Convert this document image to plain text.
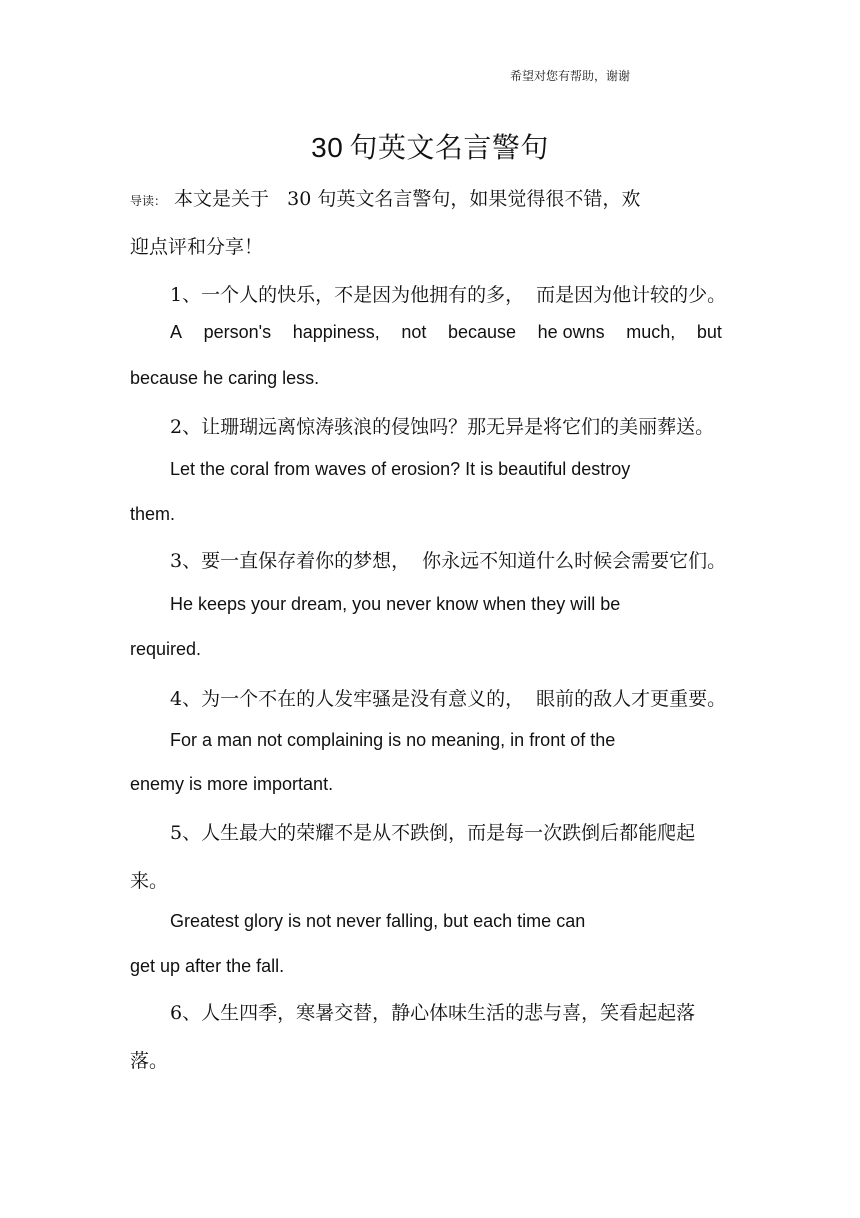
希望对您有帮助，谢谢
30 句英文名言警句
导读： 本文是关于   30 句英文名言警句，如果觉得很不错，欢
迎点评和分享！
1、一个人的快乐，不是因为他拥有的多，  而是因为他计较的少。
A person's happiness, not because he owns much, but
because he caring less.
2、让珊瑚远离惊涛骇浪的侵蚀吗？那无异是将它们的美丽葬送。
Let the coral from waves of erosion? It is beautiful destroy
them.
3、要一直保存着你的梦想，  你永远不知道什么时候会需要它们。
He keeps your dream, you never know when they will be
required.
4、为一个不在的人发牢骚是没有意义的，  眼前的敌人才更重要。
For a man not complaining is no meaning, in front of the
enemy is more important.
5、人生最大的荣耀不是从不跌倒，而是每一次跌倒后都能爬起
来。
Greatest glory is not never falling, but each time can
get up after the fall.
6、人生四季，寒暑交替，静心体味生活的悲与喜，笑看起起落
落。
